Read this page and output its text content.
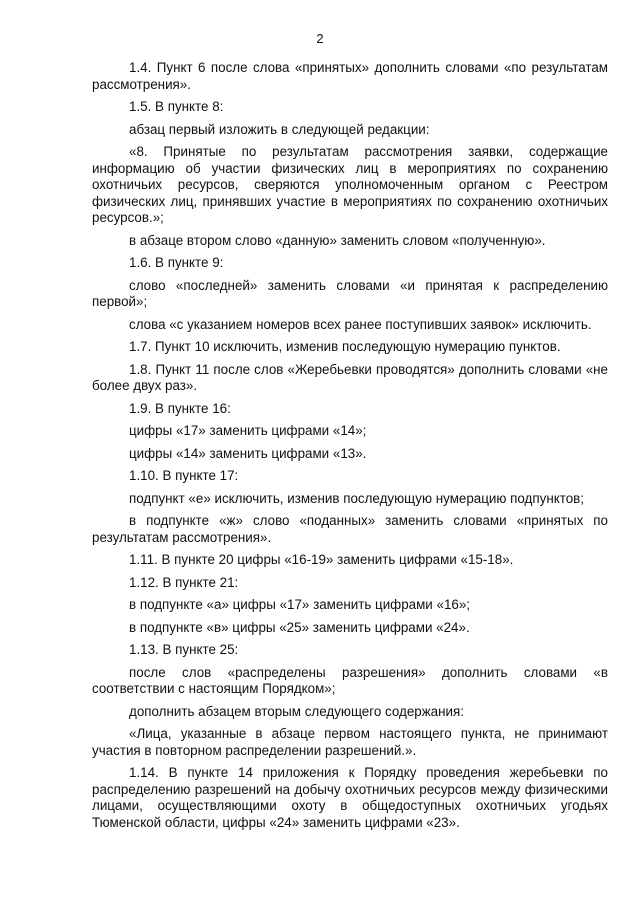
2

1.4. Пункт 6 после слова «принятых» дополнить словами «по результатам рассмотрения».

1.5. В пункте 8:

абзац первый изложить в следующей редакции:

«8. Принятые по результатам рассмотрения заявки, содержащие информацию об участии физических лиц в мероприятиях по сохранению охотничьих ресурсов, сверяются уполномоченным органом с Реестром физических лиц, принявших участие в мероприятиях по сохранению охотничьих ресурсов.»;

в абзаце втором слово «данную» заменить словом «полученную».

1.6. В пункте 9:

слово «последней» заменить словами «и принятая к распределению первой»;

слова «с указанием номеров всех ранее поступивших заявок» исключить.

1.7. Пункт 10 исключить, изменив последующую нумерацию пунктов.

1.8. Пункт 11 после слов «Жеребьевки проводятся» дополнить словами «не более двух раз».

1.9. В пункте 16:

цифры «17» заменить цифрами «14»;

цифры «14» заменить цифрами «13».

1.10. В пункте 17:

подпункт «е» исключить, изменив последующую нумерацию подпунктов;

в подпункте «ж» слово «поданных» заменить словами «принятых по результатам рассмотрения».

1.11. В пункте 20 цифры «16-19» заменить цифрами «15-18».

1.12. В пункте 21:

в подпункте «а» цифры «17» заменить цифрами «16»;

в подпункте «в» цифры «25» заменить цифрами «24».

1.13. В пункте 25:

после слов «распределены разрешения» дополнить словами «в соответствии с настоящим Порядком»;

дополнить абзацем вторым следующего содержания:

«Лица, указанные в абзаце первом настоящего пункта, не принимают участия в повторном распределении разрешений.».

1.14. В пункте 14 приложения к Порядку проведения жеребьевки по распределению разрешений на добычу охотничьих ресурсов между физическими лицами, осуществляющими охоту в общедоступных охотничьих угодьях Тюменской области, цифры «24» заменить цифрами «23».
